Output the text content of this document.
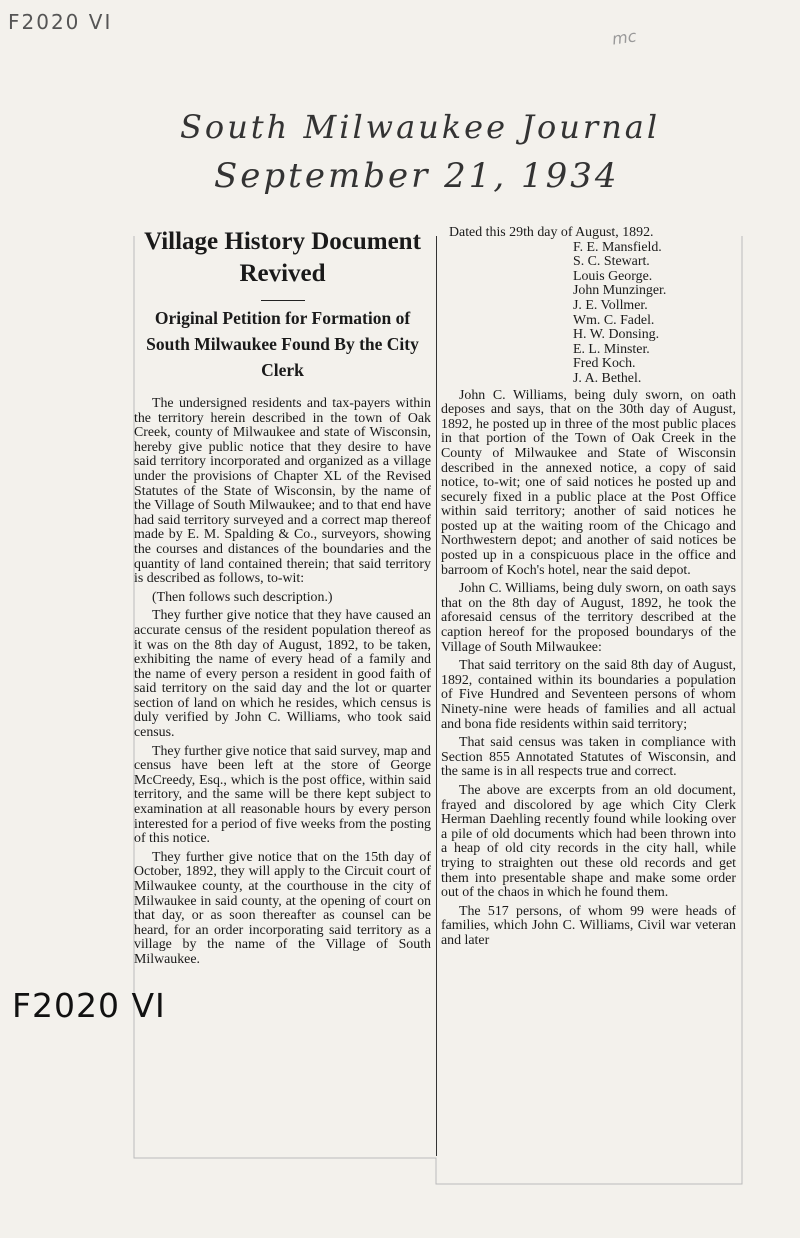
F2020 VI
mc
South Milwaukee Journal
September 21, 1934
F2020 VI
Village History Document Revived
Original Petition for Formation of South Milwaukee Found By the City Clerk

The undersigned residents and tax-payers within the territory herein described in the town of Oak Creek, county of Milwaukee and state of Wisconsin, hereby give public notice that they desire to have said territory incorporated and organized as a village under the provisions of Chapter XL of the Revised Statutes of the State of Wisconsin, by the name of the Village of South Milwaukee; and to that end have had said territory surveyed and a correct map thereof made by E. M. Spalding & Co., surveyors, showing the courses and distances of the boundaries and the quantity of land contained therein; that said territory is described as follows, to-wit:

(Then follows such description.)

They further give notice that they have caused an accurate census of the resident population thereof as it was on the 8th day of August, 1892, to be taken, exhibiting the name of every head of a family and the name of every person a resident in good faith of said territory on the said day and the lot or quarter section of land on which he resides, which census is duly verified by John C. Williams, who took said census.

They further give notice that said survey, map and census have been left at the store of George McCreedy, Esq., which is the post office, within said territory, and the same will be there kept subject to examination at all reasonable hours by every person interested for a period of five weeks from the posting of this notice.

They further give notice that on the 15th day of October, 1892, they will apply to the Circuit court of Milwaukee county, at the courthouse in the city of Milwaukee in said county, at the opening of court on that day, or as soon thereafter as counsel can be heard, for an order incorporating said territory as a village by the name of the Village of South Milwaukee.

Dated this 29th day of August, 1892.

F. E. Mansfield.
S. C. Stewart.
Louis George.
John Munzinger.
J. E. Vollmer.
Wm. C. Fadel.
H. W. Donsing.
E. L. Minster.
Fred Koch.
J. A. Bethel.

John C. Williams, being duly sworn, on oath deposes and says, that on the 30th day of August, 1892, he posted up in three of the most public places in that portion of the Town of Oak Creek in the County of Milwaukee and State of Wisconsin described in the annexed notice, a copy of said notice, to-wit; one of said notices he posted up and securely fixed in a public place at the Post Office within said territory; another of said notices he posted up at the waiting room of the Chicago and Northwestern depot; and another of said notices be posted up in a conspicuous place in the office and barroom of Koch's hotel, near the said depot.

John C. Williams, being duly sworn, on oath says that on the 8th day of August, 1892, he took the aforesaid census of the territory described at the caption hereof for the proposed boundarys of the Village of South Milwaukee:

That said territory on the said 8th day of August, 1892, contained within its boundaries a population of Five Hundred and Seventeen persons of whom Ninety-nine were heads of families and all actual and bona fide residents within said territory;

That said census was taken in compliance with Section 855 Annotated Statutes of Wisconsin, and the same is in all respects true and correct.

The above are excerpts from an old document, frayed and discolored by age which City Clerk Herman Daehling recently found while looking over a pile of old documents which had been thrown into a heap of old city records in the city hall, while trying to straighten out these old records and get them into presentable shape and make some order out of the chaos in which he found them.

The 517 persons, of whom 99 were heads of families, which John C. Williams, Civil war veteran and later
